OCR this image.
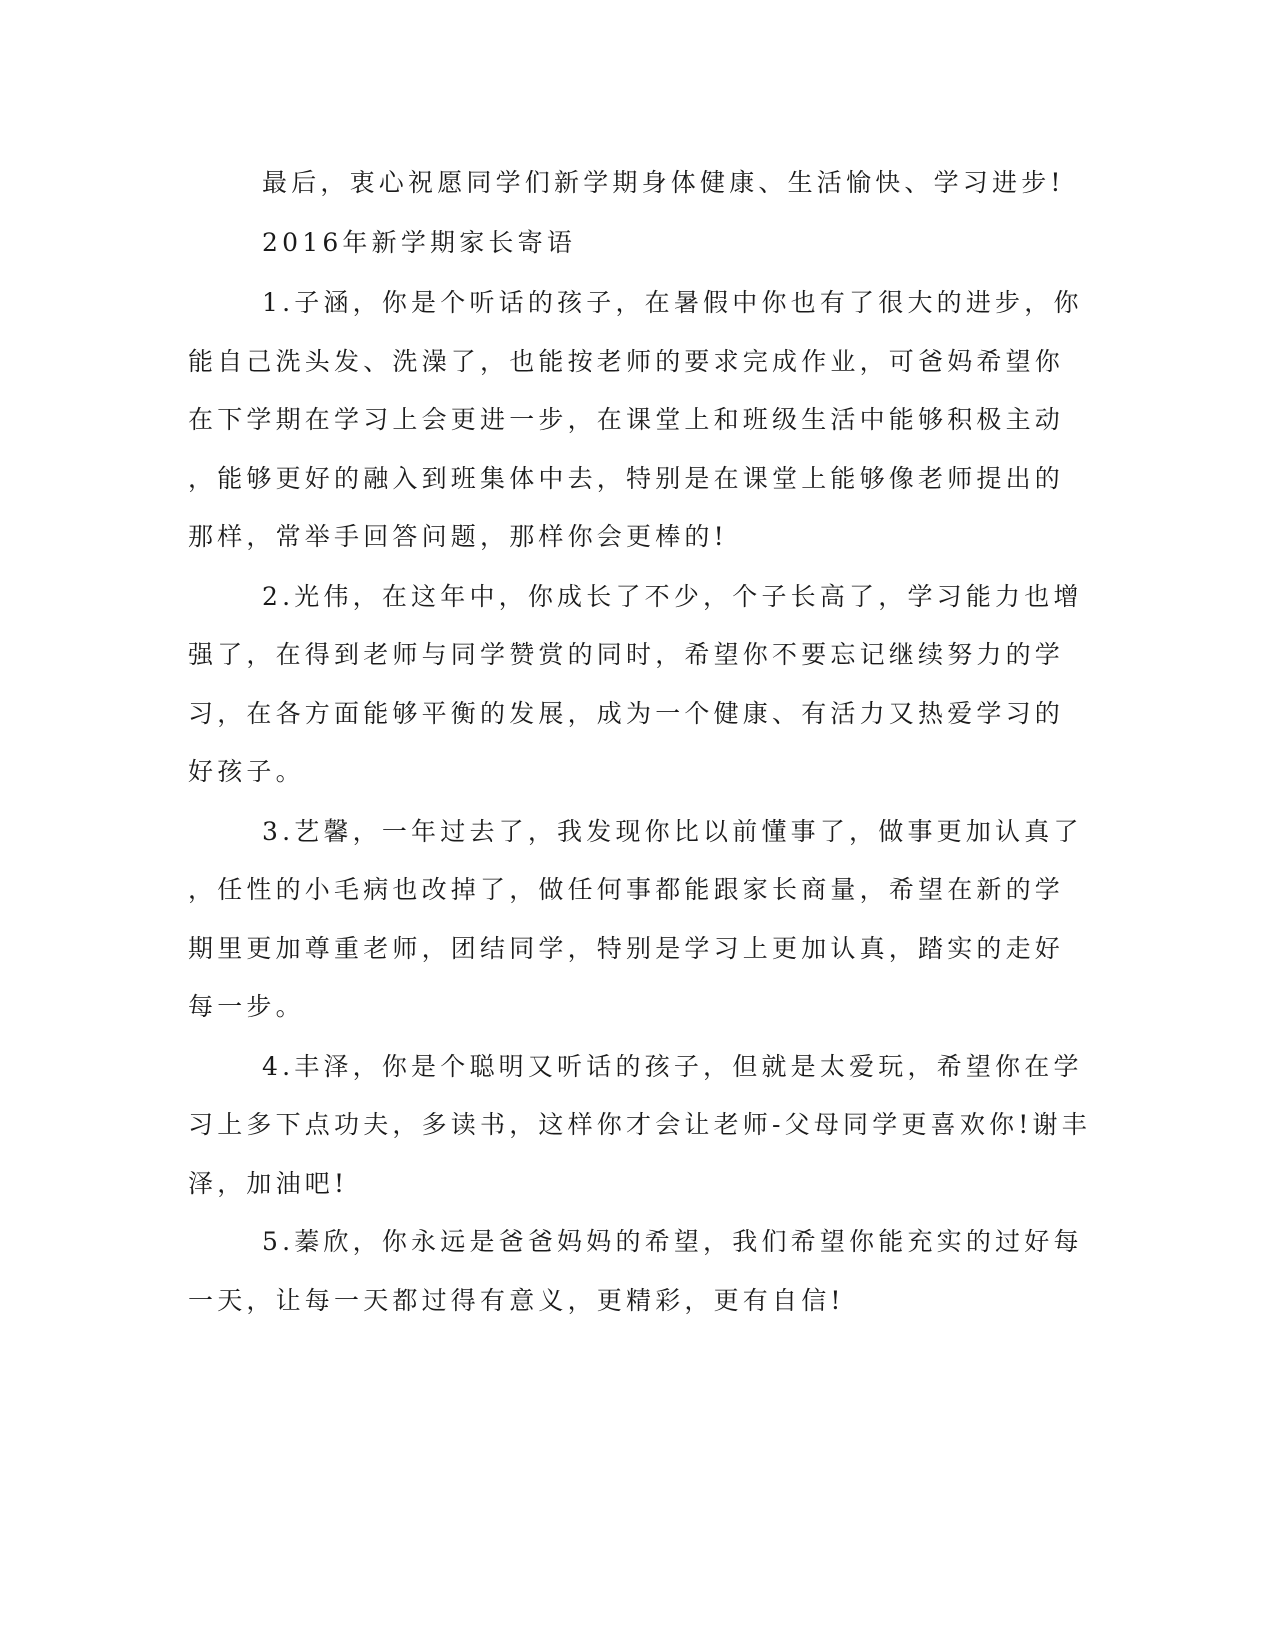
最后，衷心祝愿同学们新学期身体健康、生活愉快、学习进步!
2016年新学期家长寄语
1.子涵，你是个听话的孩子，在暑假中你也有了很大的进步，你
能自己洗头发、洗澡了，也能按老师的要求完成作业，可爸妈希望你
在下学期在学习上会更进一步，在课堂上和班级生活中能够积极主动
，能够更好的融入到班集体中去，特别是在课堂上能够像老师提出的
那样，常举手回答问题，那样你会更棒的!
2.光伟，在这年中，你成长了不少，个子长高了，学习能力也增
强了，在得到老师与同学赞赏的同时，希望你不要忘记继续努力的学
习，在各方面能够平衡的发展，成为一个健康、有活力又热爱学习的
好孩子。
3.艺馨，一年过去了，我发现你比以前懂事了，做事更加认真了
，任性的小毛病也改掉了，做任何事都能跟家长商量，希望在新的学
期里更加尊重老师，团结同学，特别是学习上更加认真，踏实的走好
每一步。
4.丰泽，你是个聪明又听话的孩子，但就是太爱玩，希望你在学
习上多下点功夫，多读书，这样你才会让老师-父母同学更喜欢你!谢丰
泽，加油吧!
5.蓁欣，你永远是爸爸妈妈的希望，我们希望你能充实的过好每
一天，让每一天都过得有意义，更精彩，更有自信!
